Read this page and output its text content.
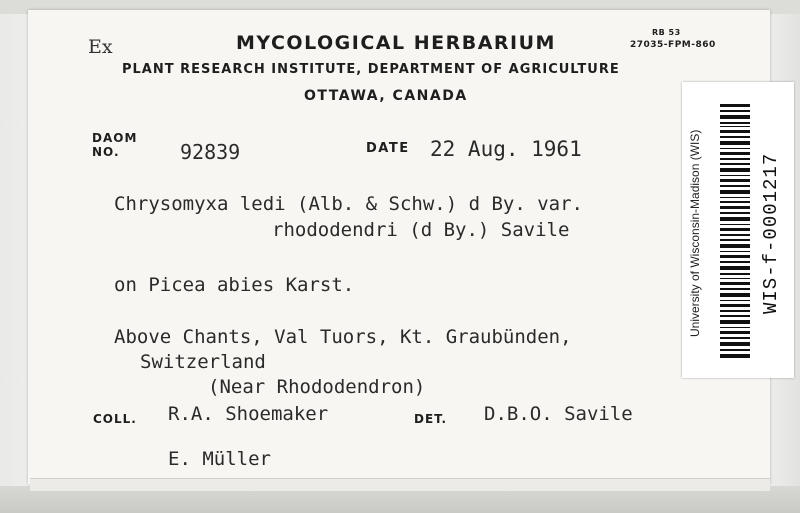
Ex	MYCOLOGICAL HERBARIUM	RB 53
27035-FPM-860
PLANT RESEARCH INSTITUTE, DEPARTMENT OF AGRICULTURE
OTTAWA, CANADA
DAOM
NO.	92839	DATE 22 Aug. 1961
Chrysomyxa ledi (Alb. & Schw.) d By. var.
rhododendri (d By.) Savile
on Picea abies Karst.
Above Chants, Val Tuors, Kt. Graubünden,
Switzerland
(Near Rhododendron)
COLL. R.A. Shoemaker	DET. D.B.O. Savile
E. Müller
University of Wisconsin-Madison (WIS)	WIS-f-0001217
